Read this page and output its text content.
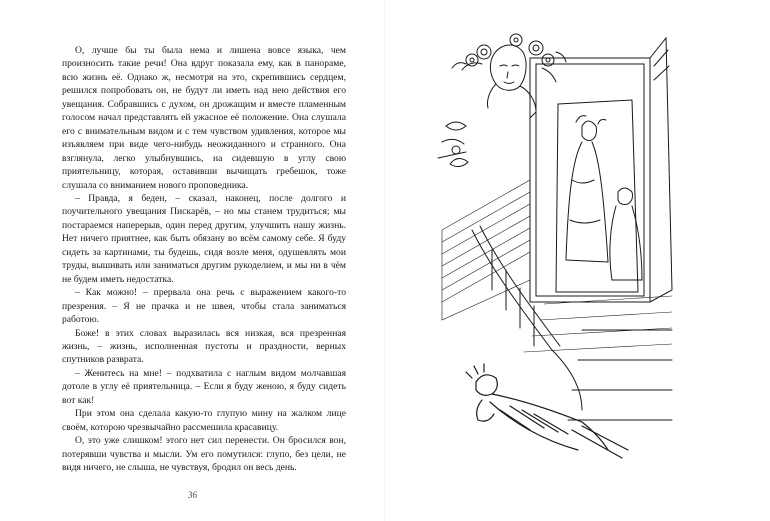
О, лучше бы ты была нема и лишена вовсе языка, чем произносить такие речи! Она вдруг показала ему, как в панораме, всю жизнь её. Однако ж, несмотря на это, скрепившись сердцем, решился попробовать он, не будут ли иметь над нею действия его увещания. Собравшись с духом, он дрожащим и вместе пламенным голосом начал представлять ей ужасное её положение. Она слушала его с внимательным видом и с тем чувством удивления, которое мы изъявляем при виде чего-нибудь неожиданного и странного. Она взглянула, легко улыбнувшись, на сидевшую в углу свою приятельницу, которая, оставивши вычищать гребешок, тоже слушала со вниманием нового проповедника.

– Правда, я беден, – сказал, наконец, после долгого и поучительного увещания Пискарёв, – но мы станем трудиться; мы постараемся наперерыв, один перед другим, улучшить нашу жизнь. Нет ничего приятнее, как быть обязану во всём самому себе. Я буду сидеть за картинами, ты будешь, сидя возле меня, одушевлять мои труды, вышивать или заниматься другим рукоделием, и мы ни в чём не будем иметь недостатка.

– Как можно! – прервала она речь с выражением какого-то презрения. – Я не прачка и не швея, чтобы стала заниматься работою.

Боже! в этих словах выразилась вся низкая, вся презренная жизнь, – жизнь, исполненная пустоты и праздности, верных спутников разврата.

– Женитесь на мне! – подхватила с наглым видом молчавшая дотоле в углу её приятельница. – Если я буду женою, я буду сидеть вот как!

При этом она сделала какую-то глупую мину на жалком лице своём, которою чрезвычайно рассмешила красавицу.

О, это уже слишком! этого нет сил перенести. Он бросился вон, потерявши чувства и мысли. Ум его помутился: глупо, без цели, не видя ничего, не слыша, не чувствуя, бродил он весь день.

36
